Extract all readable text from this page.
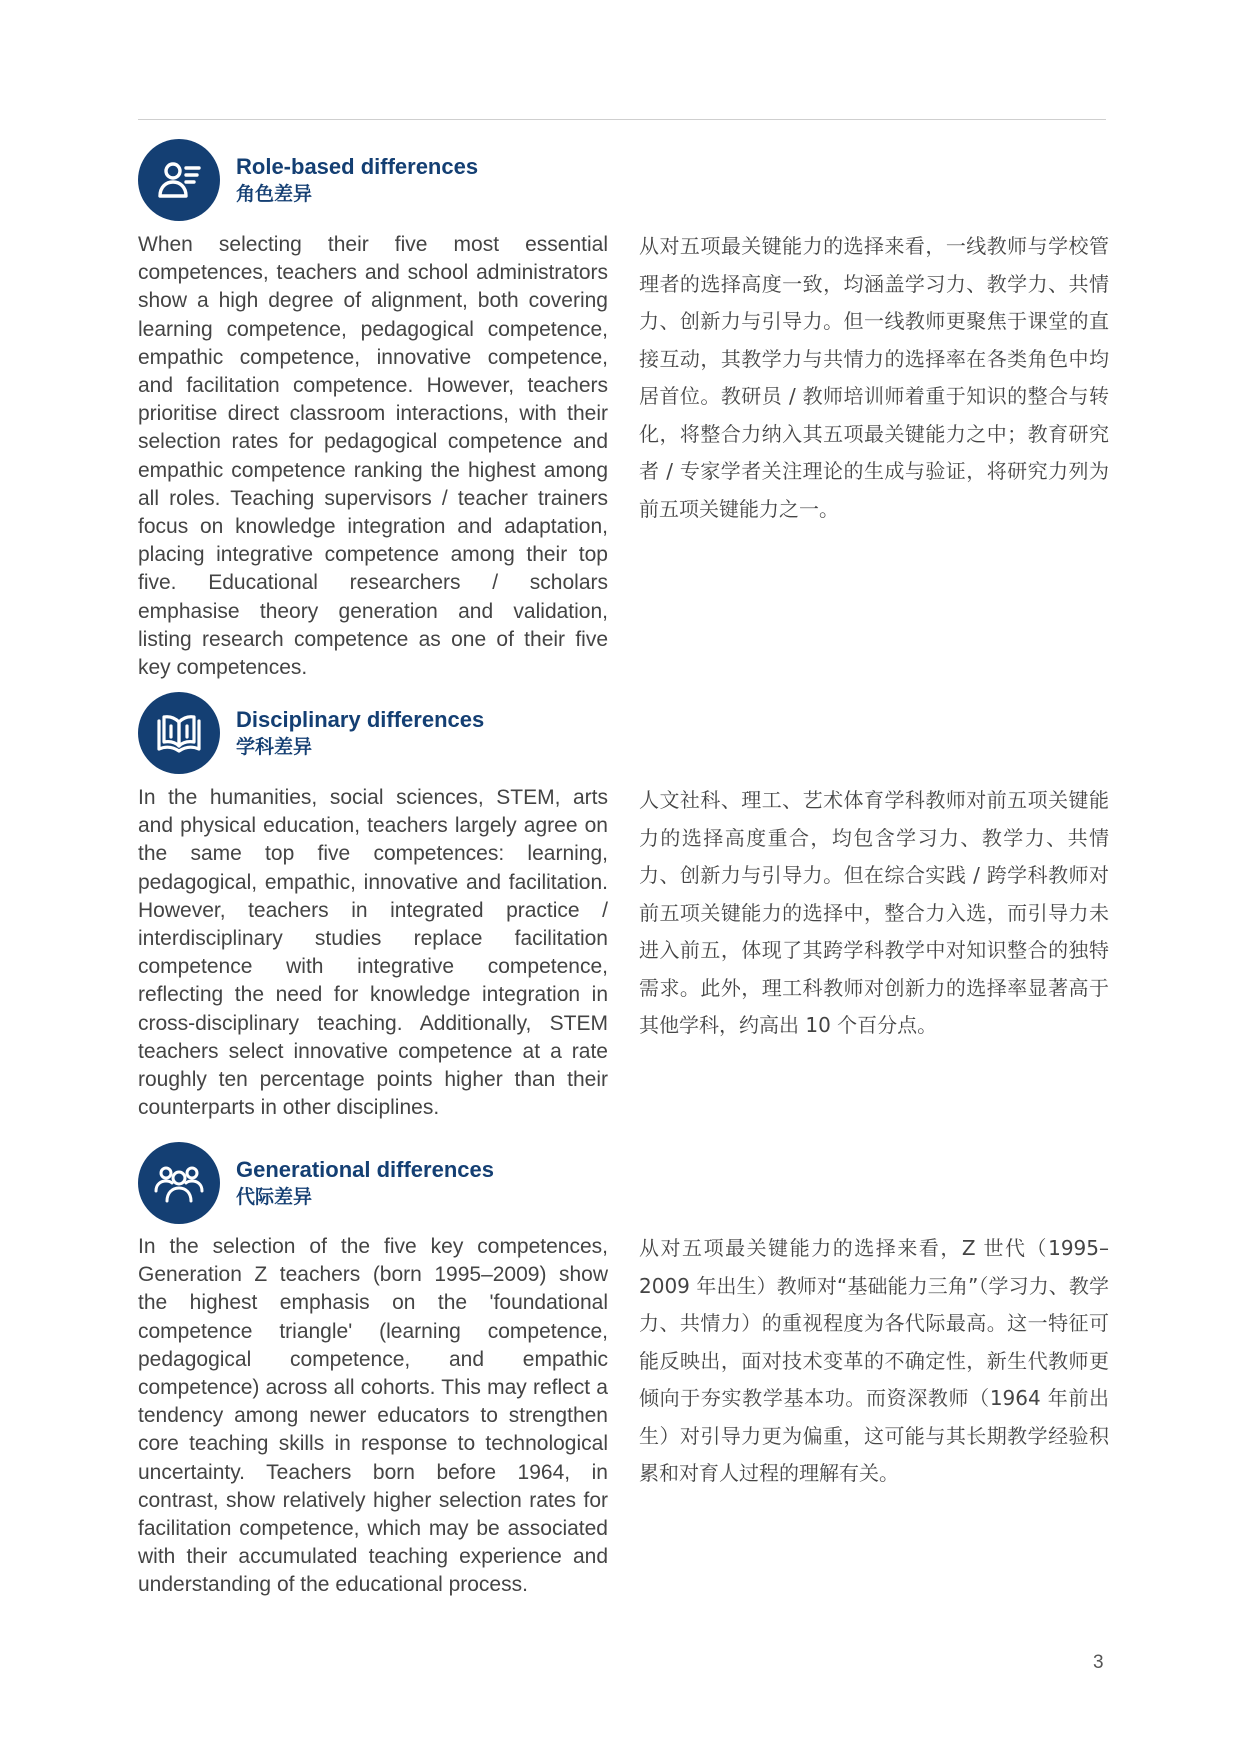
Role-based differences
角色差异

When selecting their five most essential competences, teachers and school administrators show a high degree of alignment, both covering learning competence, pedagogical competence, empathic competence, innovative competence, and facilitation competence. However, teachers prioritise direct classroom interactions, with their selection rates for pedagogical competence and empathic competence ranking the highest among all roles. Teaching supervisors / teacher trainers focus on knowledge integration and adaptation, placing integrative competence among their top five. Educational researchers / scholars emphasise theory generation and validation, listing research competence as one of their five key competences.

从对五项最关键能力的选择来看，一线教师与学校管理者的选择高度一致，均涵盖学习力、教学力、共情力、创新力与引导力。但一线教师更聚焦于课堂的直接互动，其教学力与共情力的选择率在各类角色中均居首位。教研员 / 教师培训师着重于知识的整合与转化，将整合力纳入其五项最关键能力之中；教育研究者 / 专家学者关注理论的生成与验证，将研究力列为前五项关键能力之一。

Disciplinary differences
学科差异

In the humanities, social sciences, STEM, arts and physical education, teachers largely agree on the same top five competences: learning, pedagogical, empathic, innovative and facilitation. However, teachers in integrated practice / interdisciplinary studies replace facilitation competence with integrative competence, reflecting the need for knowledge integration in cross-disciplinary teaching. Additionally, STEM teachers select innovative competence at a rate roughly ten percentage points higher than their counterparts in other disciplines.

人文社科、理工、艺术体育学科教师对前五项关键能力的选择高度重合，均包含学习力、教学力、共情力、创新力与引导力。但在综合实践 / 跨学科教师对前五项关键能力的选择中，整合力入选，而引导力未进入前五，体现了其跨学科教学中对知识整合的独特需求。此外，理工科教师对创新力的选择率显著高于其他学科，约高出 10 个百分点。

Generational differences
代际差异

In the selection of the five key competences, Generation Z teachers (born 1995–2009) show the highest emphasis on the 'foundational competence triangle' (learning competence, pedagogical competence, and empathic competence) across all cohorts. This may reflect a tendency among newer educators to strengthen core teaching skills in response to technological uncertainty. Teachers born before 1964, in contrast, show relatively higher selection rates for facilitation competence, which may be associated with their accumulated teaching experience and understanding of the educational process.

从对五项最关键能力的选择来看，Z 世代（1995–2009 年出生）教师对“基础能力三角”（学习力、教学力、共情力）的重视程度为各代际最高。这一特征可能反映出，面对技术变革的不确定性，新生代教师更倾向于夯实教学基本功。而资深教师（1964 年前出生）对引导力更为偏重，这可能与其长期教学经验积累和对育人过程的理解有关。

3
